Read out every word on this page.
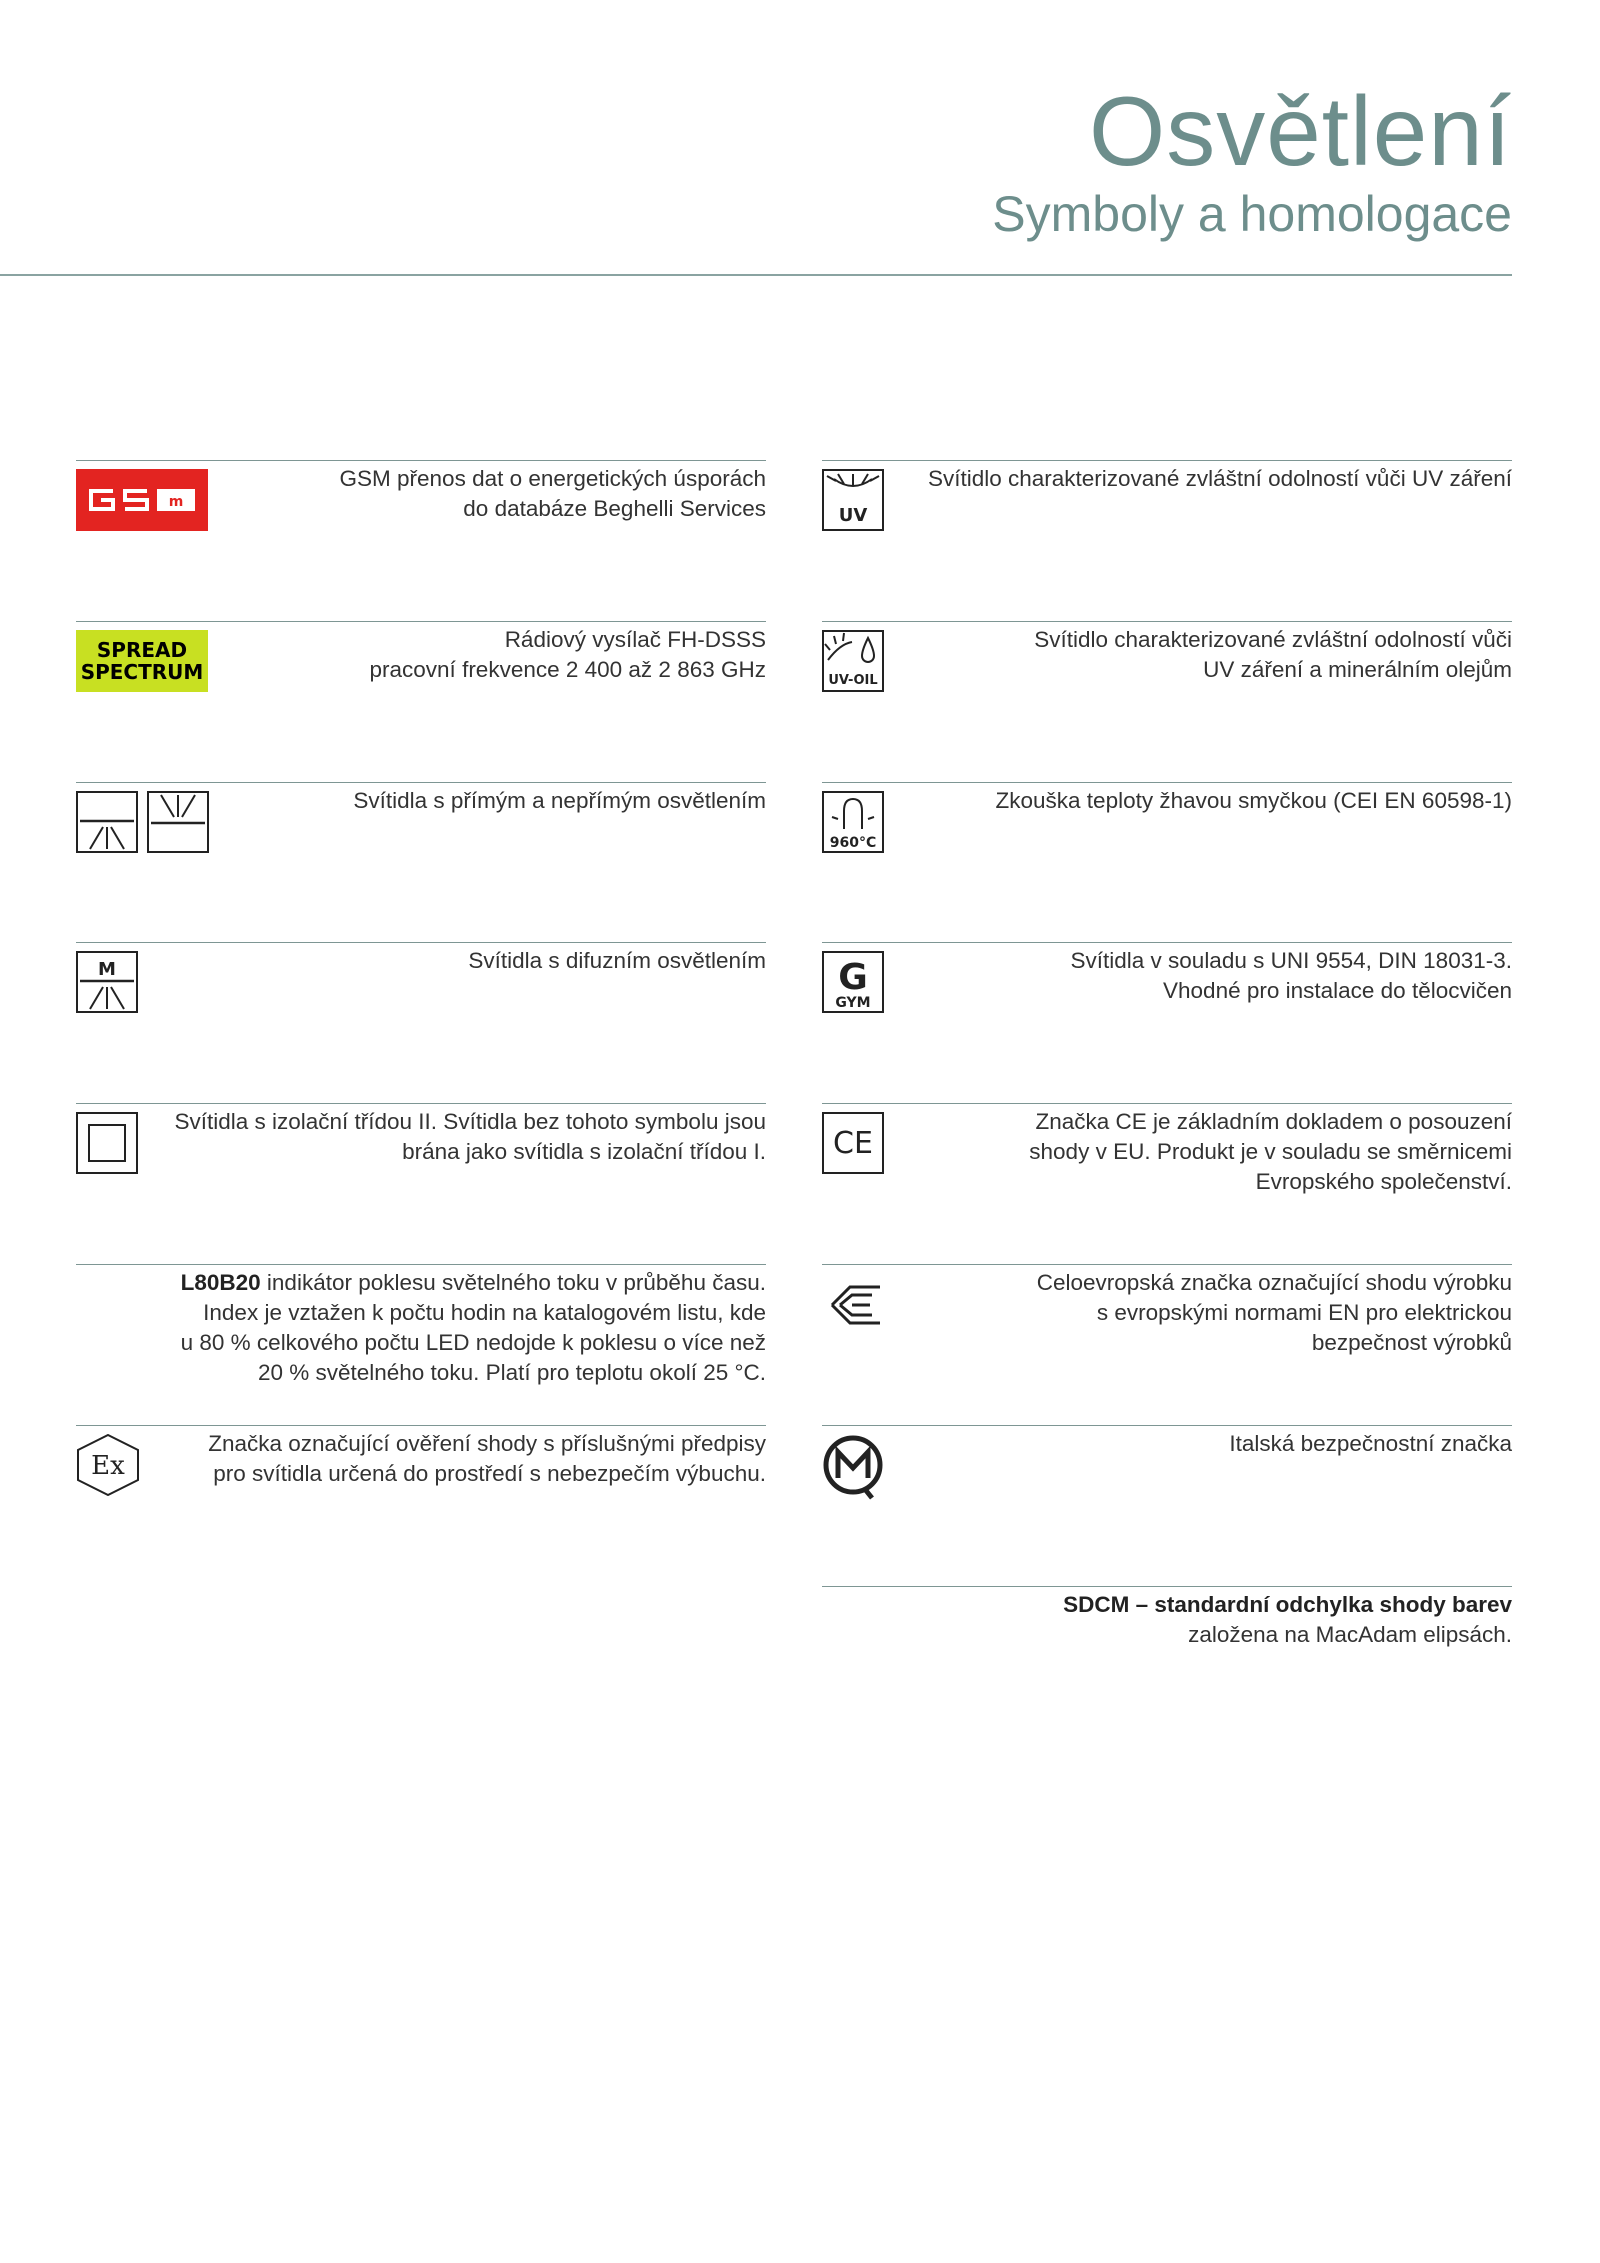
Osvětlení
Symboly a homologace
m
GSM přenos dat o energetických úsporách
do databáze Beghelli Services
SPREAD
SPECTRUM
Rádiový vysílač FH-DSSS
pracovní frekvence 2 400 až 2 863 GHz
Svítidla s přímým a nepřímým osvětlením
M	Svítidla s difuzním osvětlením
Svítidla s izolační třídou II. Svítidla bez tohoto symbolu jsou
brána jako svítidla s izolační třídou I.
L80B20 indikátor poklesu světelného toku v průběhu času.
Index je vztažen k počtu hodin na katalogovém listu, kde
u 80 % celkového počtu LED nedojde k poklesu o více než
20 % světelného toku. Platí pro teplotu okolí 25 °C.
Ex
Značka označující ověření shody s příslušnými předpisy
pro svítidla určená do prostředí s nebezpečím výbuchu.
UV
Svítidlo charakterizované zvláštní odolností vůči UV záření
UV-OIL
Svítidlo charakterizované zvláštní odolností vůči
UV záření a minerálním olejům
960°C
Zkouška teploty žhavou smyčkou (CEI EN 60598-1)
G
GYM
Svítidla v souladu s UNI 9554, DIN 18031-3.
Vhodné pro instalace do tělocvičen
CE
Značka CE je základním dokladem o posouzení
shody v EU. Produkt je v souladu se směrnicemi
Evropského společenství.
Celoevropská značka označující shodu výrobku
s evropskými normami EN pro elektrickou
bezpečnost výrobků
Italská bezpečnostní značka
SDCM – standardní odchylka shody barev
založena na MacAdam elipsách.
